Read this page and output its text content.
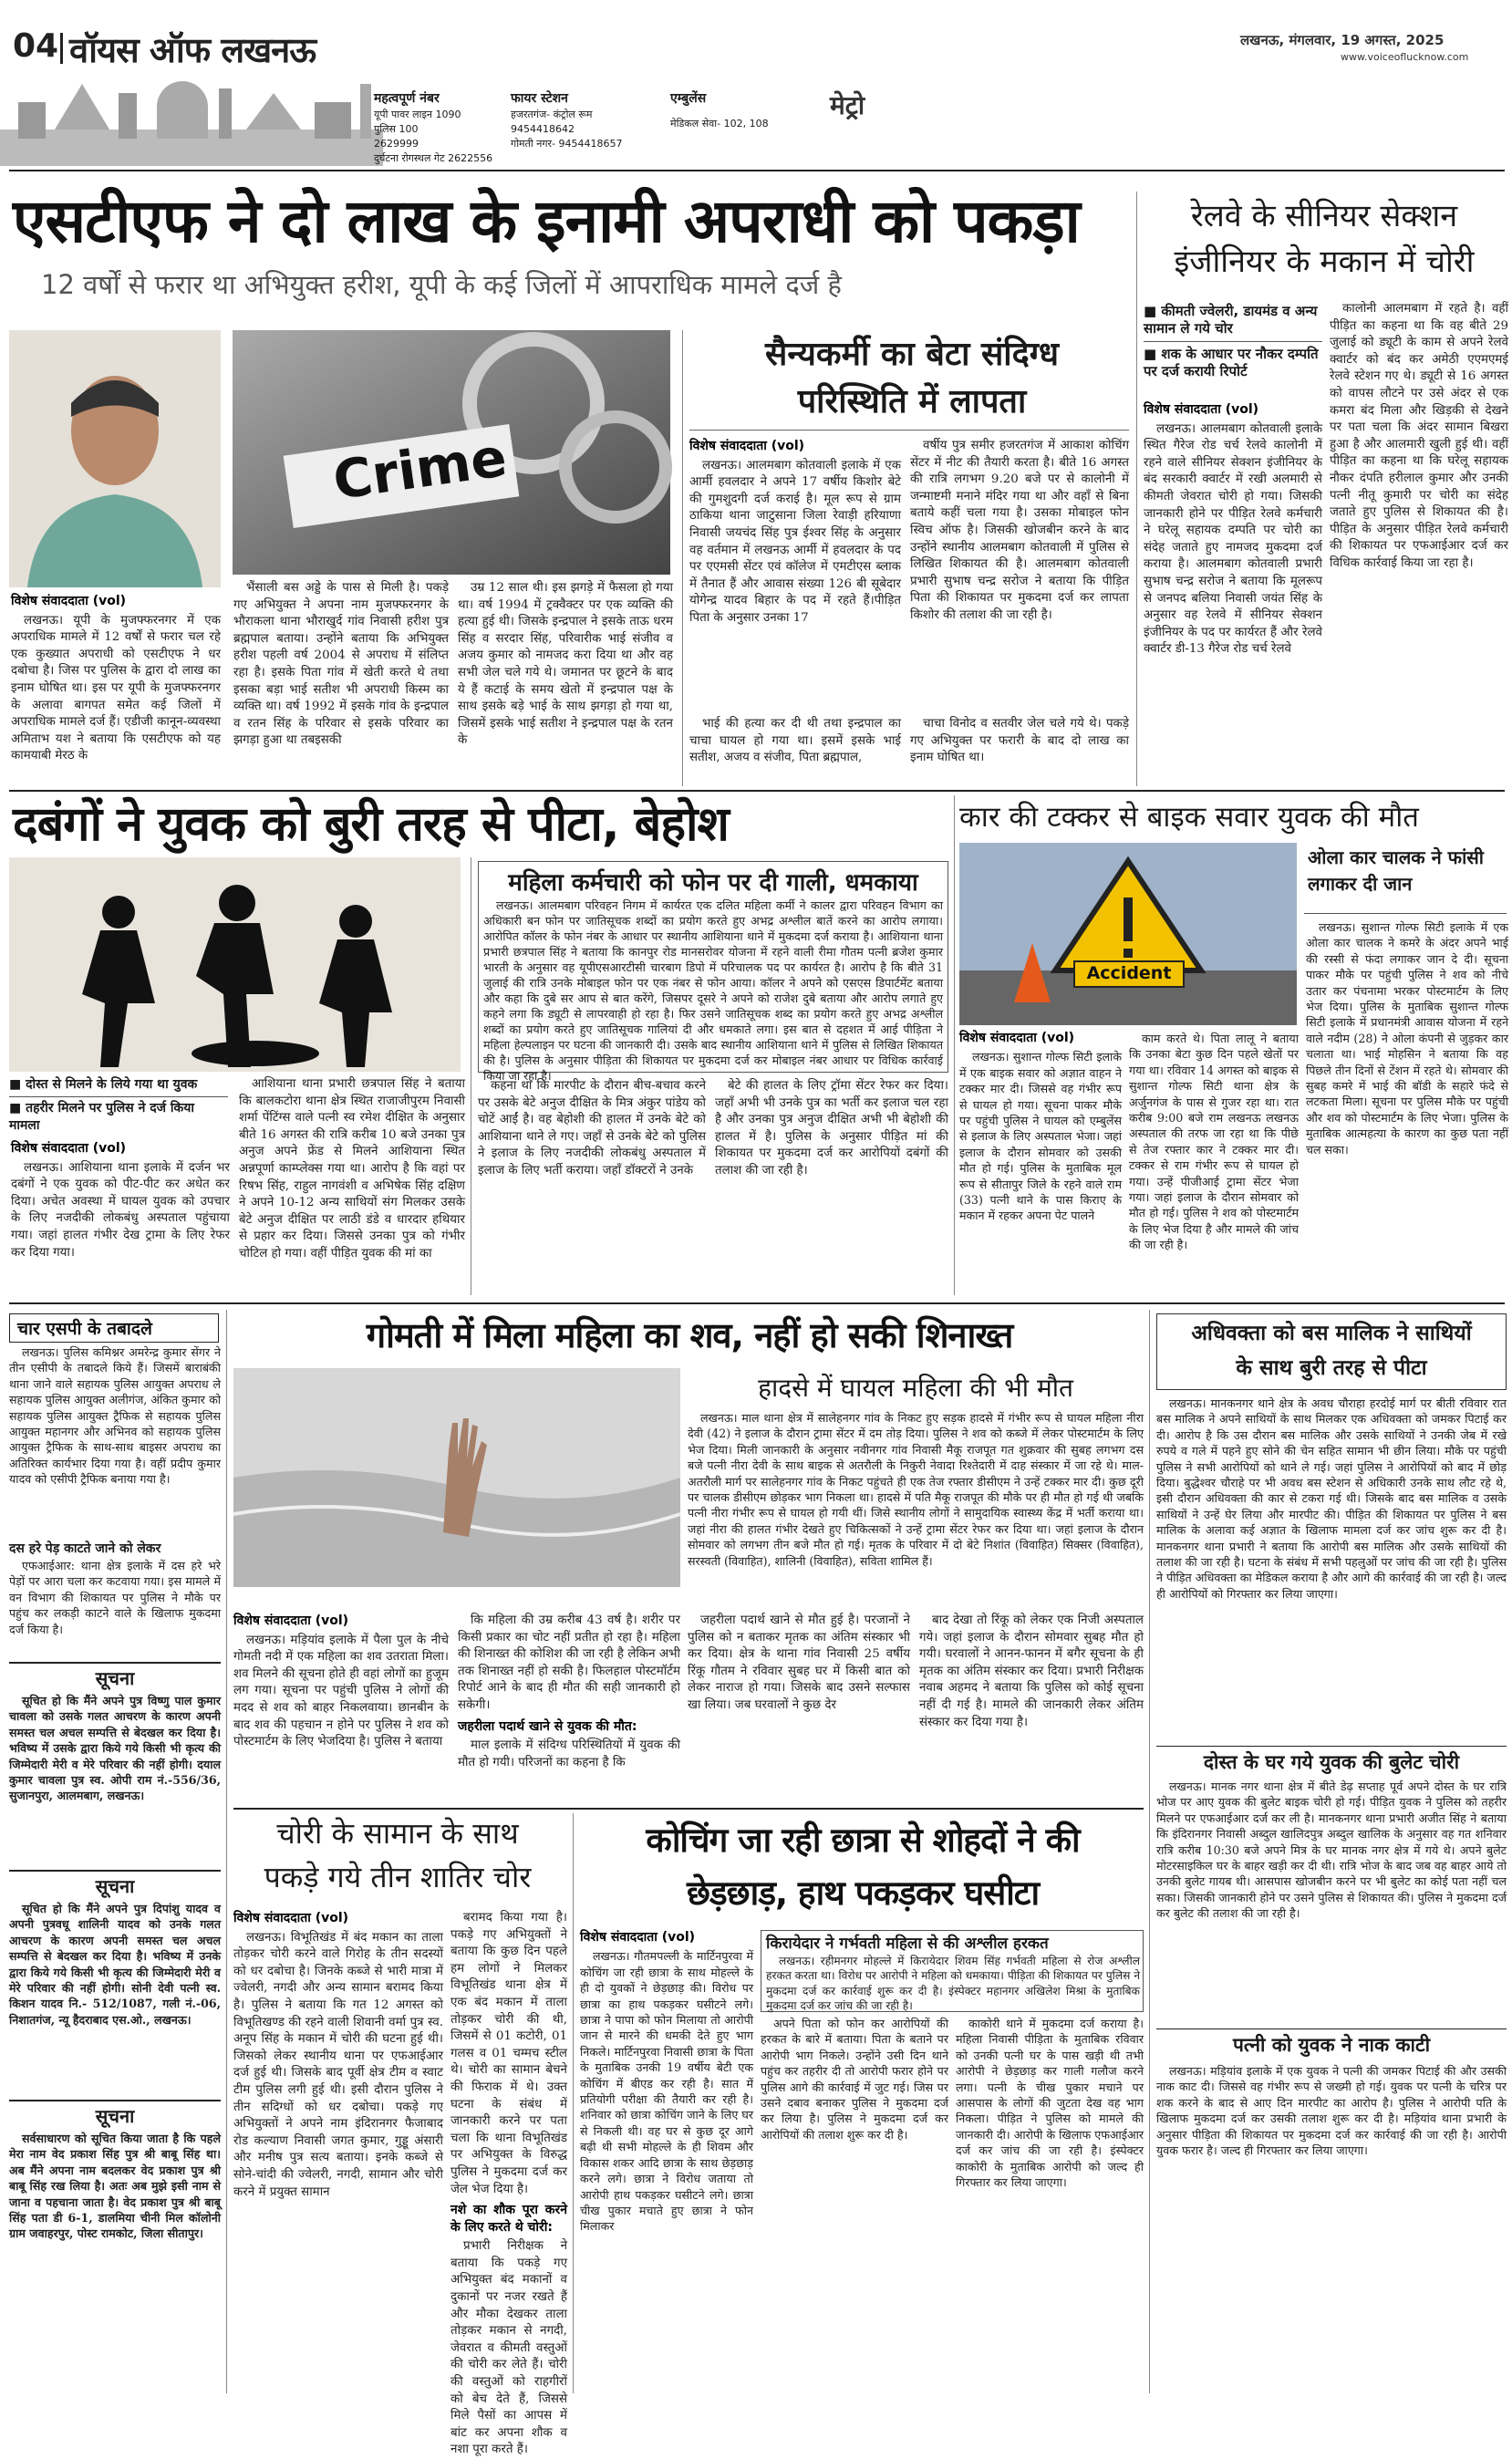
04 वॉयस ऑफ लखनऊ
महत्वपूर्ण नंबर
यूपी पावर लाइन 1090
पुलिस 100
2629999
दुर्घटना रोगस्थल गेट 2622556
फायर स्टेशन
हजरतगंज- कंट्रोल रूम
9454418642
गोमती नगर- 9454418657
एम्बुलेंस
मेडिकल सेवा- 102, 108
मेट्रो
लखनऊ, मंगलवार, 19 अगस्त, 2025
www.voiceoflucknow.com
एसटीएफ ने दो लाख के इनामी अपराधी को पकड़ा
12 वर्षों से फरार था अभियुक्त हरीश, यूपी के कई जिलों में आपराधिक मामले दर्ज है
विशेष संवाददाता (vol)

लखनऊ। यूपी के मुजफ्फरनगर में एक अपराधिक मामले में 12 वर्षों से फरार चल रहे एक कुख्यात अपराधी को एसटीएफ ने धर दबोचा है। जिस पर पुलिस के द्वारा दो लाख का इनाम घोषित था। इस पर यूपी के मुजफ्फरनगर के अलावा बागपत समेत कई जिलों में अपराधिक मामले दर्ज हैं। एडीजी कानून-व्यवस्था अमिताभ यश ने बताया कि एसटीएफ को यह कामयाबी मेरठ के

Crime

भैंसाली बस अड्डे के पास से मिली है। पकड़े गए अभियुक्त ने अपना नाम मुजफ्फरनगर के भौराकला थाना भौराखुर्द गांव निवासी हरीश पुत्र ब्रह्मपाल बताया। उन्होंने बताया कि अभियुक्त हरीश पहली वर्ष 2004 से अपराध में संलिप्त रहा है। इसके पिता गांव में खेती करते थे तथा इसका बड़ा भाई सतीश भी अपराधी किस्म का व्यक्ति था। वर्ष 1992 में इसके गांव के इन्द्रपाल व रतन सिंह के परिवार से इसके परिवार का झगड़ा हुआ था तबइसकी

उम्र 12 साल थी। इस झगड़े में फैसला हो गया था। वर्ष 1994 में ट्रक्वैक्टर पर एक व्यक्ति की हत्या हुई थी। जिसके इन्द्रपाल ने इसके ताऊ धरम सिंह व सरदार सिंह, परिवारीक भाई संजीव व अजय कुमार को नामजद करा दिया था और वह सभी जेल चले गये थे। जमानत पर छूटने के बाद ये हैं कटाई के समय खेतो में इन्द्रपाल पक्ष के साथ इसके बड़े भाई के साथ झगड़ा हो गया था, जिसमें इसके भाई सतीश ने इन्द्रपाल पक्ष के रतन के

सैन्यकर्मी का बेटा संदिग्ध
परिस्थिति में लापता
विशेष संवाददाता (vol)

लखनऊ। आलमबाग कोतवाली इलाके में एक आर्मी हवलदार ने अपने 17 वर्षीय किशोर बेटे की गुमशुदगी दर्ज कराई है। मूल रूप से ग्राम ठाकिया थाना जाटुसाना जिला रेवाड़ी हरियाणा निवासी जयचंद सिंह पुत्र ईश्वर सिंह के अनुसार वह वर्तमान में लखनऊ आर्मी में हवलदार के पद पर एएमसी सेंटर एवं कॉलेज में एमटीएस ब्लाक में तैनात हैं और आवास संख्या 126 बी सूबेदार योगेन्द्र यादव बिहार के पद में रहते हैं।पीड़ित पिता के अनुसार उनका 17

वर्षीय पुत्र समीर हजरतगंज में आकाश कोचिंग सेंटर में नीट की तैयारी करता है। बीते 16 अगस्त की रात्रि लगभग 9.20 बजे पर से कालोनी में जन्माष्टमी मनाने मंदिर गया था और वहाँ से बिना बताये कहीं चला गया है। उसका मोबाइल फोन स्विच ऑफ है। जिसकी खोजबीन करने के बाद उन्होंने स्थानीय आलमबाग कोतवाली में पुलिस से लिखित शिकायत की है। आलमबाग कोतवाली प्रभारी सुभाष चन्द्र सरोज ने बताया कि पीड़ित पिता की शिकायत पर मुकदमा दर्ज कर लापता किशोर की तलाश की जा रही है।

भाई की हत्या कर दी थी तथा इन्द्रपाल का चाचा घायल हो गया था। इसमें इसके भाई सतीश, अजय व संजीव, पिता ब्रह्मपाल,

चाचा विनोद व सतवीर जेल चले गये थे। पकड़े गए अभियुक्त पर फरारी के बाद दो लाख का इनाम घोषित था।

रेलवे के सीनियर सेक्शन
इंजीनियर के मकान में चोरी
■ कीमती ज्वेलरी, डायमंड व अन्य सामान ले गये चोर
■ शक के आधार पर नौकर दम्पति पर दर्ज करायी रिपोर्ट

कालोनी आलमबाग में रहते है। वहीं पीड़ित का कहना था कि वह बीते 29 जुलाई को ड्यूटी के काम से अपने रेलवे क्वार्टर को बंद कर अमेठी एएमएमई रेलवे स्टेशन गए थे। ड्यूटी से 16 अगस्त को वापस लौटने पर उसे अंदर से एक कमरा बंद मिला और खिड़की से देखने पर पता चला कि अंदर सामान बिखरा हुआ है और आलमारी खुली हुई थी। वहीं पीड़ित का कहना था कि घरेलू सहायक नौकर दंपति हरीलाल कुमार और उनकी पत्नी नीतू कुमारी पर चोरी का संदेह जताते हुए पुलिस से शिकायत की है। पीड़ित के अनुसार पीड़ित रेलवे कर्मचारी की शिकायत पर एफआईआर दर्ज कर विधिक कार्रवाई किया जा रहा है।

विशेष संवाददाता (vol)

लखनऊ। आलमबाग कोतवाली इलाके स्थित गैरेज रोड चर्च रेलवे कालोनी में रहने वाले सीनियर सेक्शन इंजीनियर के बंद सरकारी क्वार्टर में रखी अलमारी से कीमती जेवरात चोरी हो गया। जिसकी जानकारी होने पर पीड़ित रेलवे कर्मचारी ने घरेलू सहायक दम्पति पर चोरी का संदेह जताते हुए नामजद मुकदमा दर्ज कराया है। आलमबाग कोतवाली प्रभारी सुभाष चन्द्र सरोज ने बताया कि मूलरूप से जनपद बलिया निवासी जयंत सिंह के अनुसार वह रेलवे में सीनियर सेक्शन इंजीनियर के पद पर कार्यरत हैं और रेलवे क्वार्टर डी-13 गैरेज रोड चर्च रेलवे

दबंगों ने युवक को बुरी तरह से पीटा, बेहोश
■ दोस्त से मिलने के लिये गया था युवक
■ तहरीर मिलने पर पुलिस ने दर्ज किया मामला
विशेष संवाददाता (vol)

लखनऊ। आशियाना थाना इलाके में दर्जन भर दबंगों ने एक युवक को पीट-पीट कर अधेत कर दिया। अचेत अवस्था में घायल युवक को उपचार के लिए नजदीकी लोकबंधु अस्पताल पहुंचाया गया। जहां हालत गंभीर देख ट्रामा के लिए रेफर कर दिया गया।

आशियाना थाना प्रभारी छत्रपाल सिंह ने बताया कि बालकटोरा थाना क्षेत्र स्थित राजाजीपुरम निवासी शर्मा पेंटिंग्स वाले पत्नी स्व रमेश दीक्षित के अनुसार बीते 16 अगस्त की रात्रि करीब 10 बजे उनका पुत्र अनुज अपने फ्रेंड से मिलने आशियाना स्थित अन्नपूर्णा काम्प्लेक्स गया था। आरोप है कि वहां पर रिषभ सिंह, राहुल नागवंशी व अभिषेक सिंह दक्षिण ने अपने 10-12 अन्य साथियों संग मिलकर उसके बेटे अनुज दीक्षित पर लाठी डंडे व धारदार हथियार से प्रहार कर दिया। जिससे उनका पुत्र को गंभीर चोटिल हो गया। वहीं पीड़ित युवक की मां का

महिला कर्मचारी को फोन पर दी गाली, धमकाया

लखनऊ। आलमबाग परिवहन निगम में कार्यरत एक दलित महिला कर्मी ने कालर द्वारा परिवहन विभाग का अधिकारी बन फोन पर जातिसूचक शब्दों का प्रयोग करते हुए अभद्र अश्लील बातें करने का आरोप लगाया। आरोपित कॉलर के फोन नंबर के आधार पर स्थानीय आशियाना थाने में मुकदमा दर्ज कराया है। आशियाना थाना प्रभारी छत्रपाल सिंह ने बताया कि कानपुर रोड मानसरोवर योजना में रहने वाली रीमा गौतम पत्नी ब्रजेश कुमार भारती के अनुसार वह यूपीएसआरटीसी चारबाग डिपो में परिचालक पद पर कार्यरत है। आरोप है कि बीते 31 जुलाई की रात्रि उनके मोबाइल फोन पर एक नंबर से फोन आया। कॉलर ने अपने को एसएस डिपार्टमेंट बताया और कहा कि दुबे सर आप से बात करेंगे, जिसपर दूसरे ने अपने को राजेश दुबे बताया और आरोप लगाते हुए कहने लगा कि ड्यूटी से लापरवाही हो रहा है। फिर उसने जातिसूचक शब्द का प्रयोग करते हुए अभद्र अश्लील शब्दों का प्रयोग करते हुए जातिसूचक गालियां दी और धमकाते लगा। इस बात से दहशत में आई पीड़िता ने महिला हेल्पलाइन पर घटना की जानकारी दी। उसके बाद स्थानीय आशियाना थाने में पुलिस से लिखित शिकायत की है। पुलिस के अनुसार पीड़िता की शिकायत पर मुकदमा दर्ज कर मोबाइल नंबर आधार पर विधिक कार्रवाई किया जा रहा है।

कहना था कि मारपीट के दौरान बीच-बचाव करने पर उसके बेटे अनुज दीक्षित के मित्र अंकुर पांडेय को चोटें आईं है। वह बेहोशी की हालत में उनके बेटे को आशियाना थाने ले गए। जहाँ से उनके बेटे को पुलिस ने इलाज के लिए नजदीकी लोकबंधु अस्पताल में इलाज के लिए भर्ती कराया। जहाँ डॉक्टरों ने उनके

बेटे की हालत के लिए ट्रॉमा सेंटर रेफर कर दिया। जहाँ अभी भी उनके पुत्र का भर्ती कर इलाज चल रहा है और उनका पुत्र अनुज दीक्षित अभी भी बेहोशी की हालत में है। पुलिस के अनुसार पीड़ित मां की शिकायत पर मुकदमा दर्ज कर आरोपियों दबंगों की तलाश की जा रही है।

कार की टक्कर से बाइक सवार युवक की मौत
Accident
ओला कार चालक ने फांसी लगाकर दी जान
विशेष संवाददाता (vol)

लखनऊ। सुशान्त गोल्फ सिटी इलाके में एक बाइक सवार को अज्ञात वाहन ने टक्कर मार दी। जिससे वह गंभीर रूप से घायल हो गया। सूचना पाकर मौके पर पहुंची पुलिस ने घायल को एम्बुलेंस से इलाज के लिए अस्पताल भेजा। जहां इलाज के दौरान सोमवार को उसकी मौत हो गई। पुलिस के मुताबिक मूल रूप से सीतापुर जिले के रहने वाले राम (33) पत्नी थाने के पास किराए के मकान में रहकर अपना पेट पालने

काम करते थे। पिता लालू ने बताया कि उनका बेटा कुछ दिन पहले खेतों पर गया था। रविवार 14 अगस्त को बाइक से सुशान्त गोल्फ सिटी थाना क्षेत्र के अर्जुनगंज के पास से गुजर रहा था। रात करीब 9:00 बजे राम लखनऊ लखनऊ अस्पताल की तरफ जा रहा था कि पीछे से तेज रफ्तार कार ने टक्कर मार दी। टक्कर से राम गंभीर रूप से घायल हो गया। उन्हें पीजीआई ट्रामा सेंटर भेजा गया। जहां इलाज के दौरान सोमवार को मौत हो गई। पुलिस ने शव को पोस्टमार्टम के लिए भेज दिया है और मामले की जांच की जा रही है।

लखनऊ। सुशान्त गोल्फ सिटी इलाके में एक ओला कार चालक ने कमरे के अंदर अपने भाई की रस्सी से फंदा लगाकर जान दे दी। सूचना पाकर मौके पर पहुंची पुलिस ने शव को नीचे उतार कर पंचनामा भरकर पोस्टमार्टम के लिए भेज दिया। पुलिस के मुताबिक सुशान्त गोल्फ सिटी इलाके में प्रधानमंत्री आवास योजना में रहने वाले नदीम (28) ने ओला कंपनी से जुड़कर कार चलाता था। भाई मोहसिन ने बताया कि वह पिछले तीन दिनों से टेंशन में रहते थे। सोमवार की सुबह कमरे में भाई की बॉडी के सहारे फंदे से लटकता मिला। सूचना पर पुलिस मौके पर पहुंची और शव को पोस्टमार्टम के लिए भेजा। पुलिस के मुताबिक आत्महत्या के कारण का कुछ पता नहीं चल सका।

चार एसपी के तबादले

लखनऊ। पुलिस कमिश्नर अमरेन्द्र कुमार सेंगर ने तीन एसीपी के तबादले किये हैं। जिसमें बाराबंकी थाना जाने वाले सहायक पुलिस आयुक्त अपराध ले सहायक पुलिस आयुक्त अलीगंज, अंकित कुमार को सहायक पुलिस आयुक्त ट्रैफिक से सहायक पुलिस आयुक्त महानगर और अभिनव को सहायक पुलिस आयुक्त ट्रैफिक के साथ-साथ बाइसर अपराध का अतिरिक्त कार्यभार दिया गया है। वहीं प्रदीप कुमार यादव को एसीपी ट्रैफिक बनाया गया है।

दस हरे पेड़ काटते जाने को लेकर

एफआईआर: थाना क्षेत्र इलाके में दस हरे भरे पेड़ों पर आरा चला कर कटवाया गया। इस मामले में वन विभाग की शिकायत पर पुलिस ने मौके पर पहुंच कर लकड़ी काटने वाले के खिलाफ मुकदमा दर्ज किया है।

सूचना

सूचित हो कि मैंने अपने पुत्र विष्णु पाल कुमार चावला को उसके गलत आचरण के कारण अपनी समस्त चल अचल सम्पत्ति से बेदखल कर दिया है। भविष्य में उसके द्वारा किये गये किसी भी कृत्य की जिम्मेदारी मेरी व मेरे परिवार की नहीं होगी। दयाल कुमार चावला पुत्र स्व. ओपी राम नं.-556/36, सुजानपुरा, आलमबाग, लखनऊ।

सूचना

सूचित हो कि मैंने अपने पुत्र दिपांशु यादव व अपनी पुत्रवधू शालिनी यादव को उनके गलत आचरण के कारण अपनी समस्त चल अचल सम्पत्ति से बेदखल कर दिया है। भविष्य में उनके द्वारा किये गये किसी भी कृत्य की जिम्मेदारी मेरी व मेरे परिवार की नहीं होगी। सोनी देवी पत्नी स्व. किशन यादव नि.- 512/1087, गली नं.-06, निशातगंज, न्यू हैदराबाद एस.ओ., लखनऊ।

सूचना

सर्वसाधारण को सूचित किया जाता है कि पहले मेरा नाम वेद प्रकाश सिंह पुत्र श्री बाबू सिंह था। अब मैंने अपना नाम बदलकर वेद प्रकाश पुत्र श्री बाबू सिंह रख लिया है। अतः अब मुझे इसी नाम से जाना व पहचाना जाता है। वेद प्रकाश पुत्र श्री बाबू सिंह पता डी 6-1, डालमिया चीनी मिल कॉलोनी ग्राम जवाहरपुर, पोस्ट रामकोट, जिला सीतापुर।

गोमती में मिला महिला का शव, नहीं हो सकी शिनाख्त
हादसे में घायल महिला की भी मौत

लखनऊ। माल थाना क्षेत्र में सालेहनगर गांव के निकट हुए सड़क हादसे में गंभीर रूप से घायल महिला नीरा देवी (42) ने इलाज के दौरान ट्रामा सेंटर में दम तोड़ दिया। पुलिस ने शव को कब्जे में लेकर पोस्टमार्टम के लिए भेज दिया। मिली जानकारी के अनुसार नवीनगर गांव निवासी मैकू राजपूत गत शुक्रवार की सुबह लगभग दस बजे पत्नी नीरा देवी के साथ बाइक से अतरौली के निकुरी नेवादा रिश्तेदारी में दाह संस्कार में जा रहे थे। माल-अतरौली मार्ग पर सालेहनगर गांव के निकट पहुंचते ही एक तेज रफ्तार डीसीएम ने उन्हें टक्कर मार दी। कुछ दूरी पर चालक डीसीएम छोड़कर भाग निकला था। हादसे में पति मैकू राजपूत की मौके पर ही मौत हो गई थी जबकि पत्नी नीरा गंभीर रूप से घायल हो गयी थीं। जिसे स्थानीय लोगों ने सामुदायिक स्वास्थ्य केंद्र में भर्ती कराया था। जहां नीरा की हालत गंभीर देखते हुए चिकित्सकों ने उन्हें ट्रामा सेंटर रेफर कर दिया था। जहां इलाज के दौरान सोमवार को लगभग तीन बजे मौत हो गई। मृतक के परिवार में दो बेटे निशांत (विवाहित) सिक्सर (विवाहित), सरस्वती (विवाहित), शालिनी (विवाहित), सविता शामिल हैं।

विशेष संवाददाता (vol)

लखनऊ। मड़ियांव इलाके में पैला पुल के नीचे गोमती नदी में एक महिला का शव उतराता मिला। शव मिलने की सूचना होते ही वहां लोगों का हुजूम लग गया। सूचना पर पहुंची पुलिस ने लोगों की मदद से शव को बाहर निकलवाया। छानबीन के बाद शव की पहचान न होने पर पुलिस ने शव को पोस्टमार्टम के लिए भेजदिया है। पुलिस ने बताया

कि महिला की उम्र करीब 43 वर्ष है। शरीर पर किसी प्रकार का चोट नहीं प्रतीत हो रहा है। महिला की शिनाख्त की कोशिश की जा रही है लेकिन अभी तक शिनाख्त नहीं हो सकी है। फिलहाल पोस्टमॉर्टम रिपोर्ट आने के बाद ही मौत की सही जानकारी हो सकेगी।

जहरीला पदार्थ खाने से युवक की मौत:

माल इलाके में संदिग्ध परिस्थितियों में युवक की मौत हो गयी। परिजनों का कहना है कि

जहरीला पदार्थ खाने से मौत हुई है। परजानों ने पुलिस को न बताकर मृतक का अंतिम संस्कार भी कर दिया। क्षेत्र के थाना गांव निवासी 25 वर्षीय रिंकू गौतम ने रविवार सुबह घर में किसी बात को लेकर नाराज हो गया। जिसके बाद उसने सल्फास खा लिया। जब घरवालों ने कुछ देर

बाद देखा तो रिंकू को लेकर एक निजी अस्पताल गये। जहां इलाज के दौरान सोमवार सुबह मौत हो गयी। घरवालों ने आनन-फानन में बगैर सूचना के ही मृतक का अंतिम संस्कार कर दिया। प्रभारी निरीक्षक नवाब अहमद ने बताया कि पुलिस को कोई सूचना नहीं दी गई है। मामले की जानकारी लेकर अंतिम संस्कार कर दिया गया है।

चोरी के सामान के साथ
पकड़े गये तीन शातिर चोर
विशेष संवाददाता (vol)

लखनऊ। विभूतिखंड में बंद मकान का ताला तोड़कर चोरी करने वाले गिरोह के तीन सदस्यों को धर दबोचा है। जिनके कब्जे से भारी मात्रा में ज्वेलरी, नगदी और अन्य सामान बरामद किया है। पुलिस ने बताया कि गत 12 अगस्त को विभूतिखण्ड की रहने वाली शिवानी वर्मा पुत्र स्व. अनूप सिंह के मकान में चोरी की घटना हुई थी। जिसको लेकर स्थानीय थाना पर एफआईआर दर्ज हुई थी। जिसके बाद पूर्वी क्षेत्र टीम व स्वाट टीम पुलिस लगी हुई थी। इसी दौरान पुलिस ने तीन सदिग्धों को धर दबोचा। पकड़े गए अभियुक्तों ने अपने नाम इंदिरानगर फैजाबाद रोड कल्याण निवासी जगत कुमार, गुड्डू अंसारी और मनीष पुत्र सत्य बताया। इनके कब्जे से सोने-चांदी की ज्वेलरी, नगदी, सामान और चोरी करने में प्रयुक्त सामान

बरामद किया गया है। पकड़े गए अभियुक्तों ने बताया कि कुछ दिन पहले हम लोगों ने मिलकर विभूतिखंड थाना क्षेत्र में एक बंद मकान में ताला तोड़कर चोरी की थी, जिसमें से 01 कटोरी, 01 गलस व 01 चम्मच स्टील थे। चोरी का सामान बेचने की फिराक में थे। उक्त घटना के संबंध में जानकारी करने पर पता चला कि थाना विभूतिखंड पर अभियुक्त के विरुद्ध पुलिस ने मुकदमा दर्ज कर जेल भेज दिया है।

नशे का शौक पूरा करने के लिए करते थे चोरी:

प्रभारी निरीक्षक ने बताया कि पकड़े गए अभियुक्त बंद मकानों व दुकानों पर नजर रखते हैं और मौका देखकर ताला तोड़कर मकान से नगदी, जेवरात व कीमती वस्तुओं की चोरी कर लेते हैं। चोरी की वस्तुओं को राहगीरों को बेच देते हैं, जिससे मिले पैसों का आपस में बांट कर अपना शौक व नशा पूरा करते हैं।

कोचिंग जा रही छात्रा से शोहदों ने की
छेड़छाड़, हाथ पकड़कर घसीटा
विशेष संवाददाता (vol)

लखनऊ। गौतमपल्ली के मार्टिनपुरवा में कोचिंग जा रही छात्रा के साथ मोहल्ले के ही दो युवकों ने छेड़छाड़ की। विरोध पर छात्रा का हाथ पकड़कर घसीटने लगे। छात्रा ने पापा को फोन मिलाया तो आरोपी जान से मारने की धमकी देते हुए भाग निकले। मार्टिनपुरवा निवासी छात्रा के पिता के मुताबिक उनकी 19 वर्षीय बेटी एक कोचिंग में बीएड कर रही है। सात में प्रतियोगी परीक्षा की तैयारी कर रही है। शनिवार को छात्रा कोचिंग जाने के लिए घर से निकली थी। वह घर से कुछ दूर आगे बढ़ी थी सभी मोहल्ले के ही शिवम और विकास शकर आदि छात्रा के साथ छेड़छाड़ करने लगे। छात्रा ने विरोध जताया तो आरोपी हाथ पकड़कर घसीटने लगे। छात्रा चीख पुकार मचाते हुए छात्रा ने फोन मिलाकर

अपने पिता को फोन कर आरोपियों की हरकत के बारे में बताया। पिता के बताने पर आरोपी भाग निकले। उन्होंने उसी दिन थाने पहुंच कर तहरीर दी तो आरोपी फरार होने पर पुलिस आगे की कार्रवाई में जुट गई। जिस पर उसने दबाव बनाकर पुलिस ने मुकदमा दर्ज कर लिया है। पुलिस ने मुकदमा दर्ज कर आरोपियों की तलाश शुरू कर दी है।

किरायेदार ने गर्भवती महिला से की अश्लील हरकत

लखनऊ। रहीमनगर मोहल्ले में किरायेदार शिवम सिंह गर्भवती महिला से रोज अश्लील हरकत करता था। विरोध पर आरोपी ने महिला को धमकाया। पीड़िता की शिकायत पर पुलिस ने मुकदमा दर्ज कर कार्रवाई शुरू कर दी है। इंस्पेक्टर महानगर अखिलेश मिश्रा के मुताबिक मुकदमा दर्ज कर जांच की जा रही है।

काकोरी थाने में मुकदमा दर्ज कराया है। महिला निवासी पीड़िता के मुताबिक रविवार को उनकी पत्नी घर के पास खड़ी थी तभी आरोपी ने छेड़छाड़ कर गाली गलौज करने लगा। पत्नी के चीख पुकार मचाने पर आसपास के लोगों की जुटता देख वह भाग निकला। पीड़ित ने पुलिस को मामले की जानकारी दी। आरोपी के खिलाफ एफआईआर दर्ज कर जांच की जा रही है। इंस्पेक्टर काकोरी के मुताबिक आरोपी को जल्द ही गिरफ्तार कर लिया जाएगा।

अधिवक्ता को बस मालिक ने साथियों
के साथ बुरी तरह से पीटा

लखनऊ। मानकनगर थाने क्षेत्र के अवध चौराहा हरदोई मार्ग पर बीती रविवार रात बस मालिक ने अपने साथियों के साथ मिलकर एक अधिवक्ता को जमकर पिटाई कर दी। आरोप है कि उस दौरान बस मालिक और उसके साथियों ने उनकी जेब में रखे रुपये व गले में पहने हुए सोने की चेन सहित सामान भी छीन लिया। मौके पर पहुंची पुलिस ने सभी आरोपियों को थाने ले गई। जहां पुलिस ने आरोपियों को बाद में छोड़ दिया। बुद्धेश्वर चौराहे पर भी अवध बस स्टेशन से अधिकारी उनके साथ लौट रहे थे, इसी दौरान अधिवक्ता की कार से टकरा गई थी। जिसके बाद बस मालिक व उसके साथियों ने उन्हें घेर लिया और मारपीट की। पीड़ित की शिकायत पर पुलिस ने बस मालिक के अलावा कई अज्ञात के खिलाफ मामला दर्ज कर जांच शुरू कर दी है। मानकनगर थाना प्रभारी ने बताया कि आरोपी बस मालिक और उसके साथियों की तलाश की जा रही है। घटना के संबंध में सभी पहलुओं पर जांच की जा रही है। पुलिस ने पीड़ित अधिवक्ता का मेडिकल कराया है और आगे की कार्रवाई की जा रही है। जल्द ही आरोपियों को गिरफ्तार कर लिया जाएगा।

दोस्त के घर गये युवक की बुलेट चोरी

लखनऊ। मानक नगर थाना क्षेत्र में बीते डेढ़ सप्ताह पूर्व अपने दोस्त के घर रात्रि भोज पर आए युवक की बुलेट बाइक चोरी हो गई। पीड़ित युवक ने पुलिस को तहरीर मिलने पर एफआईआर दर्ज कर ली है। मानकनगर थाना प्रभारी अजीत सिंह ने बताया कि इंदिरानगर निवासी अब्दुल खालिदपुत्र अब्दुल खालिक के अनुसार वह गत शनिवार रात्रि करीब 10:30 बजे अपने मित्र के घर मानक नगर क्षेत्र में गये थे। अपने बुलेट मोटरसाइकिल घर के बाहर खड़ी कर दी थी। रात्रि भोज के बाद जब वह बाहर आये तो उनकी बुलेट गायब थी। आसपास खोजबीन करने पर भी बुलेट का कोई पता नहीं चल सका। जिसकी जानकारी होने पर उसने पुलिस से शिकायत की। पुलिस ने मुकदमा दर्ज कर बुलेट की तलाश की जा रही है।

पत्नी को युवक ने नाक काटी

लखनऊ। मड़ियांव इलाके में एक युवक ने पत्नी की जमकर पिटाई की और उसकी नाक काट दी। जिससे वह गंभीर रूप से जख्मी हो गई। युवक पर पत्नी के चरित्र पर शक करने के बाद से आए दिन मारपीट का आरोप है। पुलिस ने आरोपी पति के खिलाफ मुकदमा दर्ज कर उसकी तलाश शुरू कर दी है। मड़ियांव थाना प्रभारी के अनुसार पीड़िता की शिकायत पर मुकदमा दर्ज कर कार्रवाई की जा रही है। आरोपी युवक फरार है। जल्द ही गिरफ्तार कर लिया जाएगा।
